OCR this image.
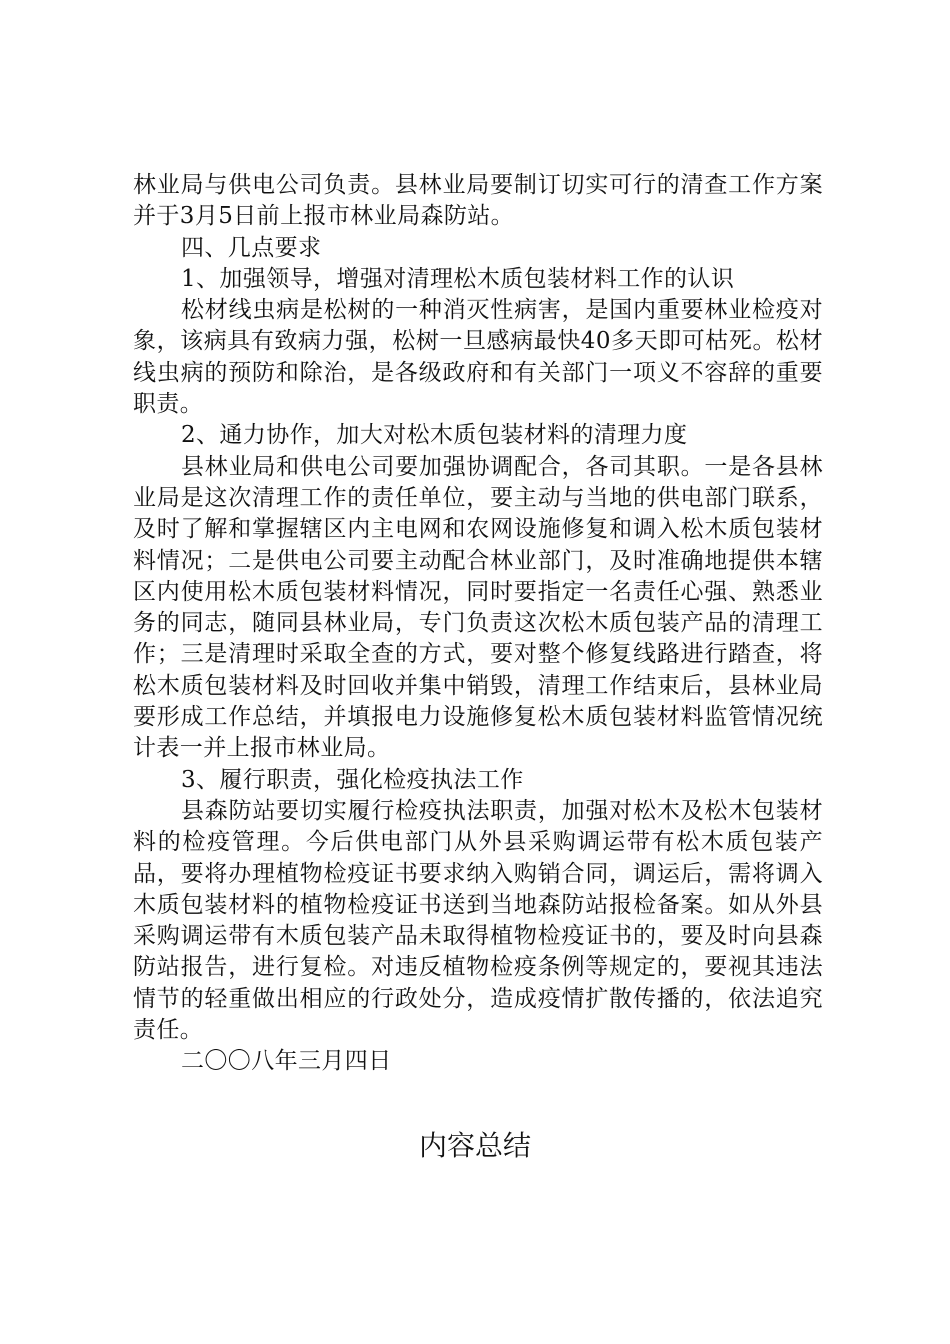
林业局与供电公司负责。县林业局要制订切实可行的清查工作方案并于3月5日前上报市林业局森防站。

四、几点要求

1、加强领导，增强对清理松木质包装材料工作的认识

松材线虫病是松树的一种消灭性病害，是国内重要林业检疫对象，该病具有致病力强，松树一旦感病最快40多天即可枯死。松材线虫病的预防和除治，是各级政府和有关部门一项义不容辞的重要职责。

2、通力协作，加大对松木质包装材料的清理力度

县林业局和供电公司要加强协调配合，各司其职。一是各县林业局是这次清理工作的责任单位，要主动与当地的供电部门联系，及时了解和掌握辖区内主电网和农网设施修复和调入松木质包装材料情况；二是供电公司要主动配合林业部门，及时准确地提供本辖区内使用松木质包装材料情况，同时要指定一名责任心强、熟悉业务的同志，随同县林业局，专门负责这次松木质包装产品的清理工作；三是清理时采取全查的方式，要对整个修复线路进行踏查，将松木质包装材料及时回收并集中销毁，清理工作结束后，县林业局要形成工作总结，并填报电力设施修复松木质包装材料监管情况统计表一并上报市林业局。

3、履行职责，强化检疫执法工作

县森防站要切实履行检疫执法职责，加强对松木及松木包装材料的检疫管理。今后供电部门从外县采购调运带有松木质包装产品，要将办理植物检疫证书要求纳入购销合同，调运后，需将调入木质包装材料的植物检疫证书送到当地森防站报检备案。如从外县采购调运带有木质包装产品未取得植物检疫证书的，要及时向县森防站报告，进行复检。对违反植物检疫条例等规定的，要视其违法情节的轻重做出相应的行政处分，造成疫情扩散传播的，依法追究责任。

二〇〇八年三月四日

内容总结
